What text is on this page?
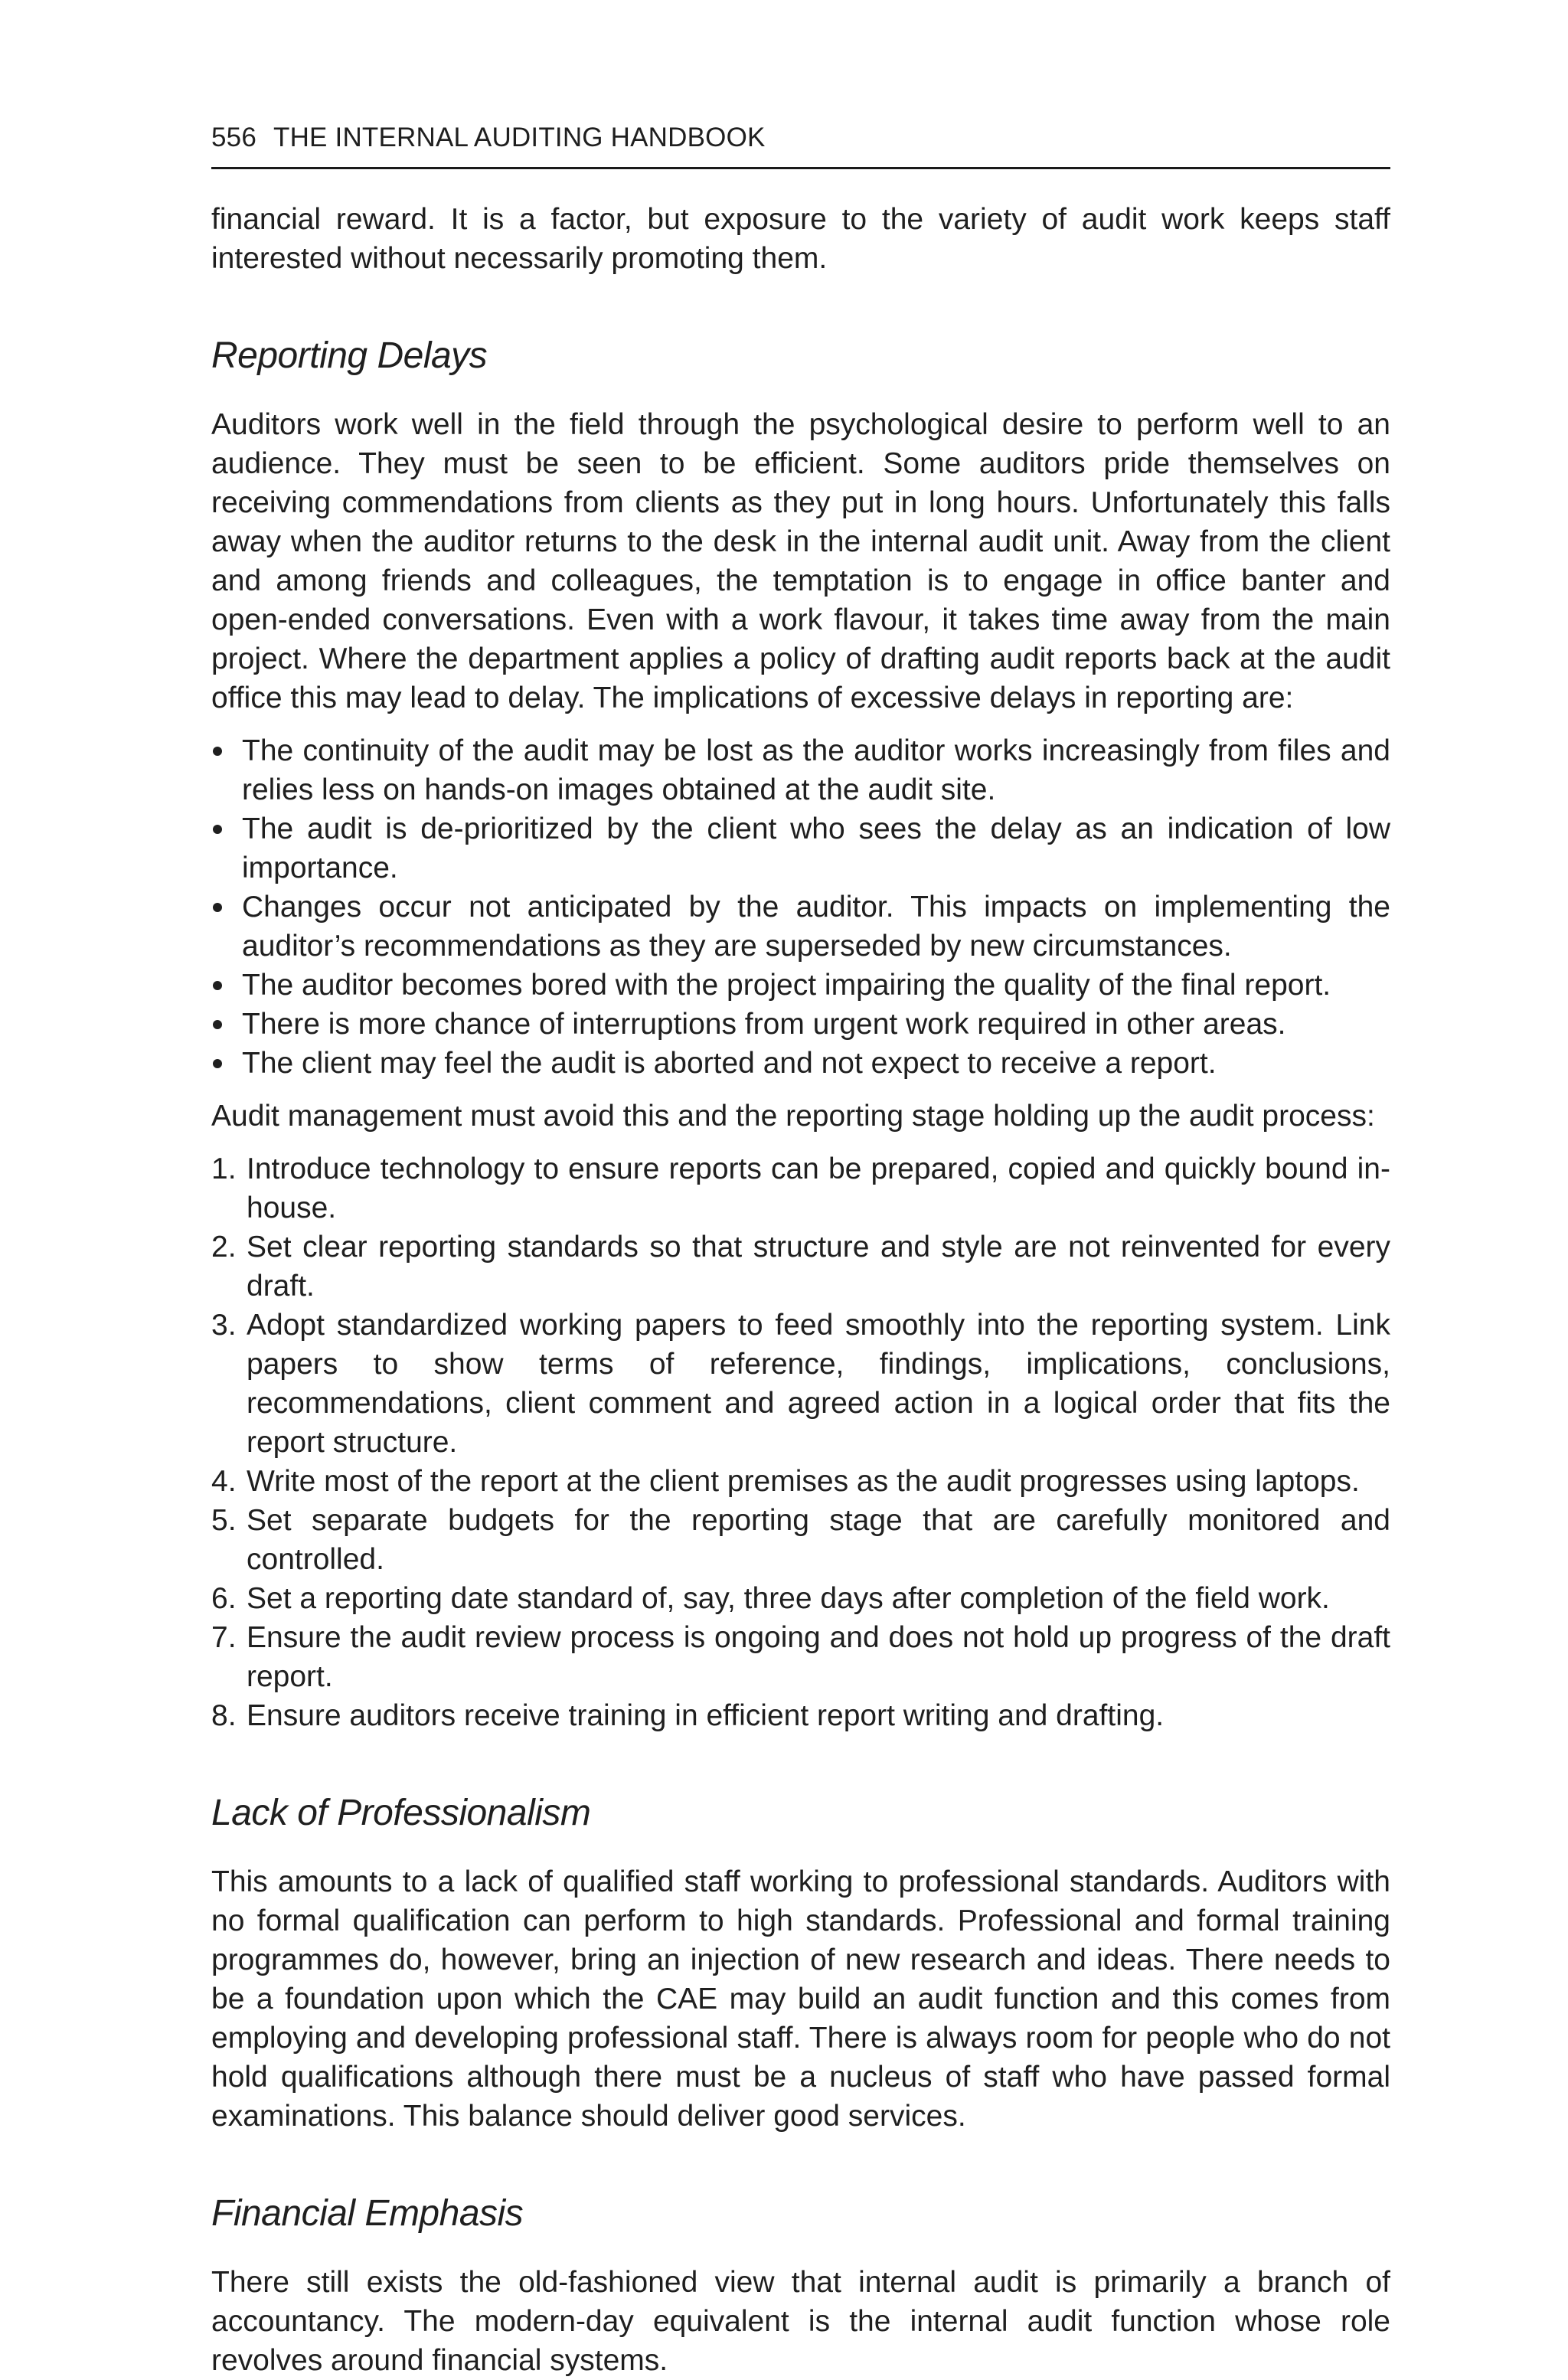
556 THE INTERNAL AUDITING HANDBOOK

financial reward. It is a factor, but exposure to the variety of audit work keeps staff interested without necessarily promoting them.

Reporting Delays

Auditors work well in the field through the psychological desire to perform well to an audience. They must be seen to be efficient. Some auditors pride themselves on receiving commendations from clients as they put in long hours. Unfortunately this falls away when the auditor returns to the desk in the internal audit unit. Away from the client and among friends and colleagues, the temptation is to engage in office banter and open-ended conversations. Even with a work flavour, it takes time away from the main project. Where the department applies a policy of drafting audit reports back at the audit office this may lead to delay. The implications of excessive delays in reporting are:

The continuity of the audit may be lost as the auditor works increasingly from files and relies less on hands-on images obtained at the audit site.
The audit is de-prioritized by the client who sees the delay as an indication of low importance.
Changes occur not anticipated by the auditor. This impacts on implementing the auditor’s recommendations as they are superseded by new circumstances.
The auditor becomes bored with the project impairing the quality of the final report.
There is more chance of interruptions from urgent work required in other areas.
The client may feel the audit is aborted and not expect to receive a report.

Audit management must avoid this and the reporting stage holding up the audit process:

1. Introduce technology to ensure reports can be prepared, copied and quickly bound in-house.
2. Set clear reporting standards so that structure and style are not reinvented for every draft.
3. Adopt standardized working papers to feed smoothly into the reporting system. Link papers to show terms of reference, findings, implications, conclusions, recommendations, client comment and agreed action in a logical order that fits the report structure.
4. Write most of the report at the client premises as the audit progresses using laptops.
5. Set separate budgets for the reporting stage that are carefully monitored and controlled.
6. Set a reporting date standard of, say, three days after completion of the field work.
7. Ensure the audit review process is ongoing and does not hold up progress of the draft report.
8. Ensure auditors receive training in efficient report writing and drafting.
Lack of Professionalism

This amounts to a lack of qualified staff working to professional standards. Auditors with no formal qualification can perform to high standards. Professional and formal training programmes do, however, bring an injection of new research and ideas. There needs to be a foundation upon which the CAE may build an audit function and this comes from employing and developing professional staff. There is always room for people who do not hold qualifications although there must be a nucleus of staff who have passed formal examinations. This balance should deliver good services.

Financial Emphasis

There still exists the old-fashioned view that internal audit is primarily a branch of accountancy. The modern-day equivalent is the internal audit function whose role revolves around financial systems.
